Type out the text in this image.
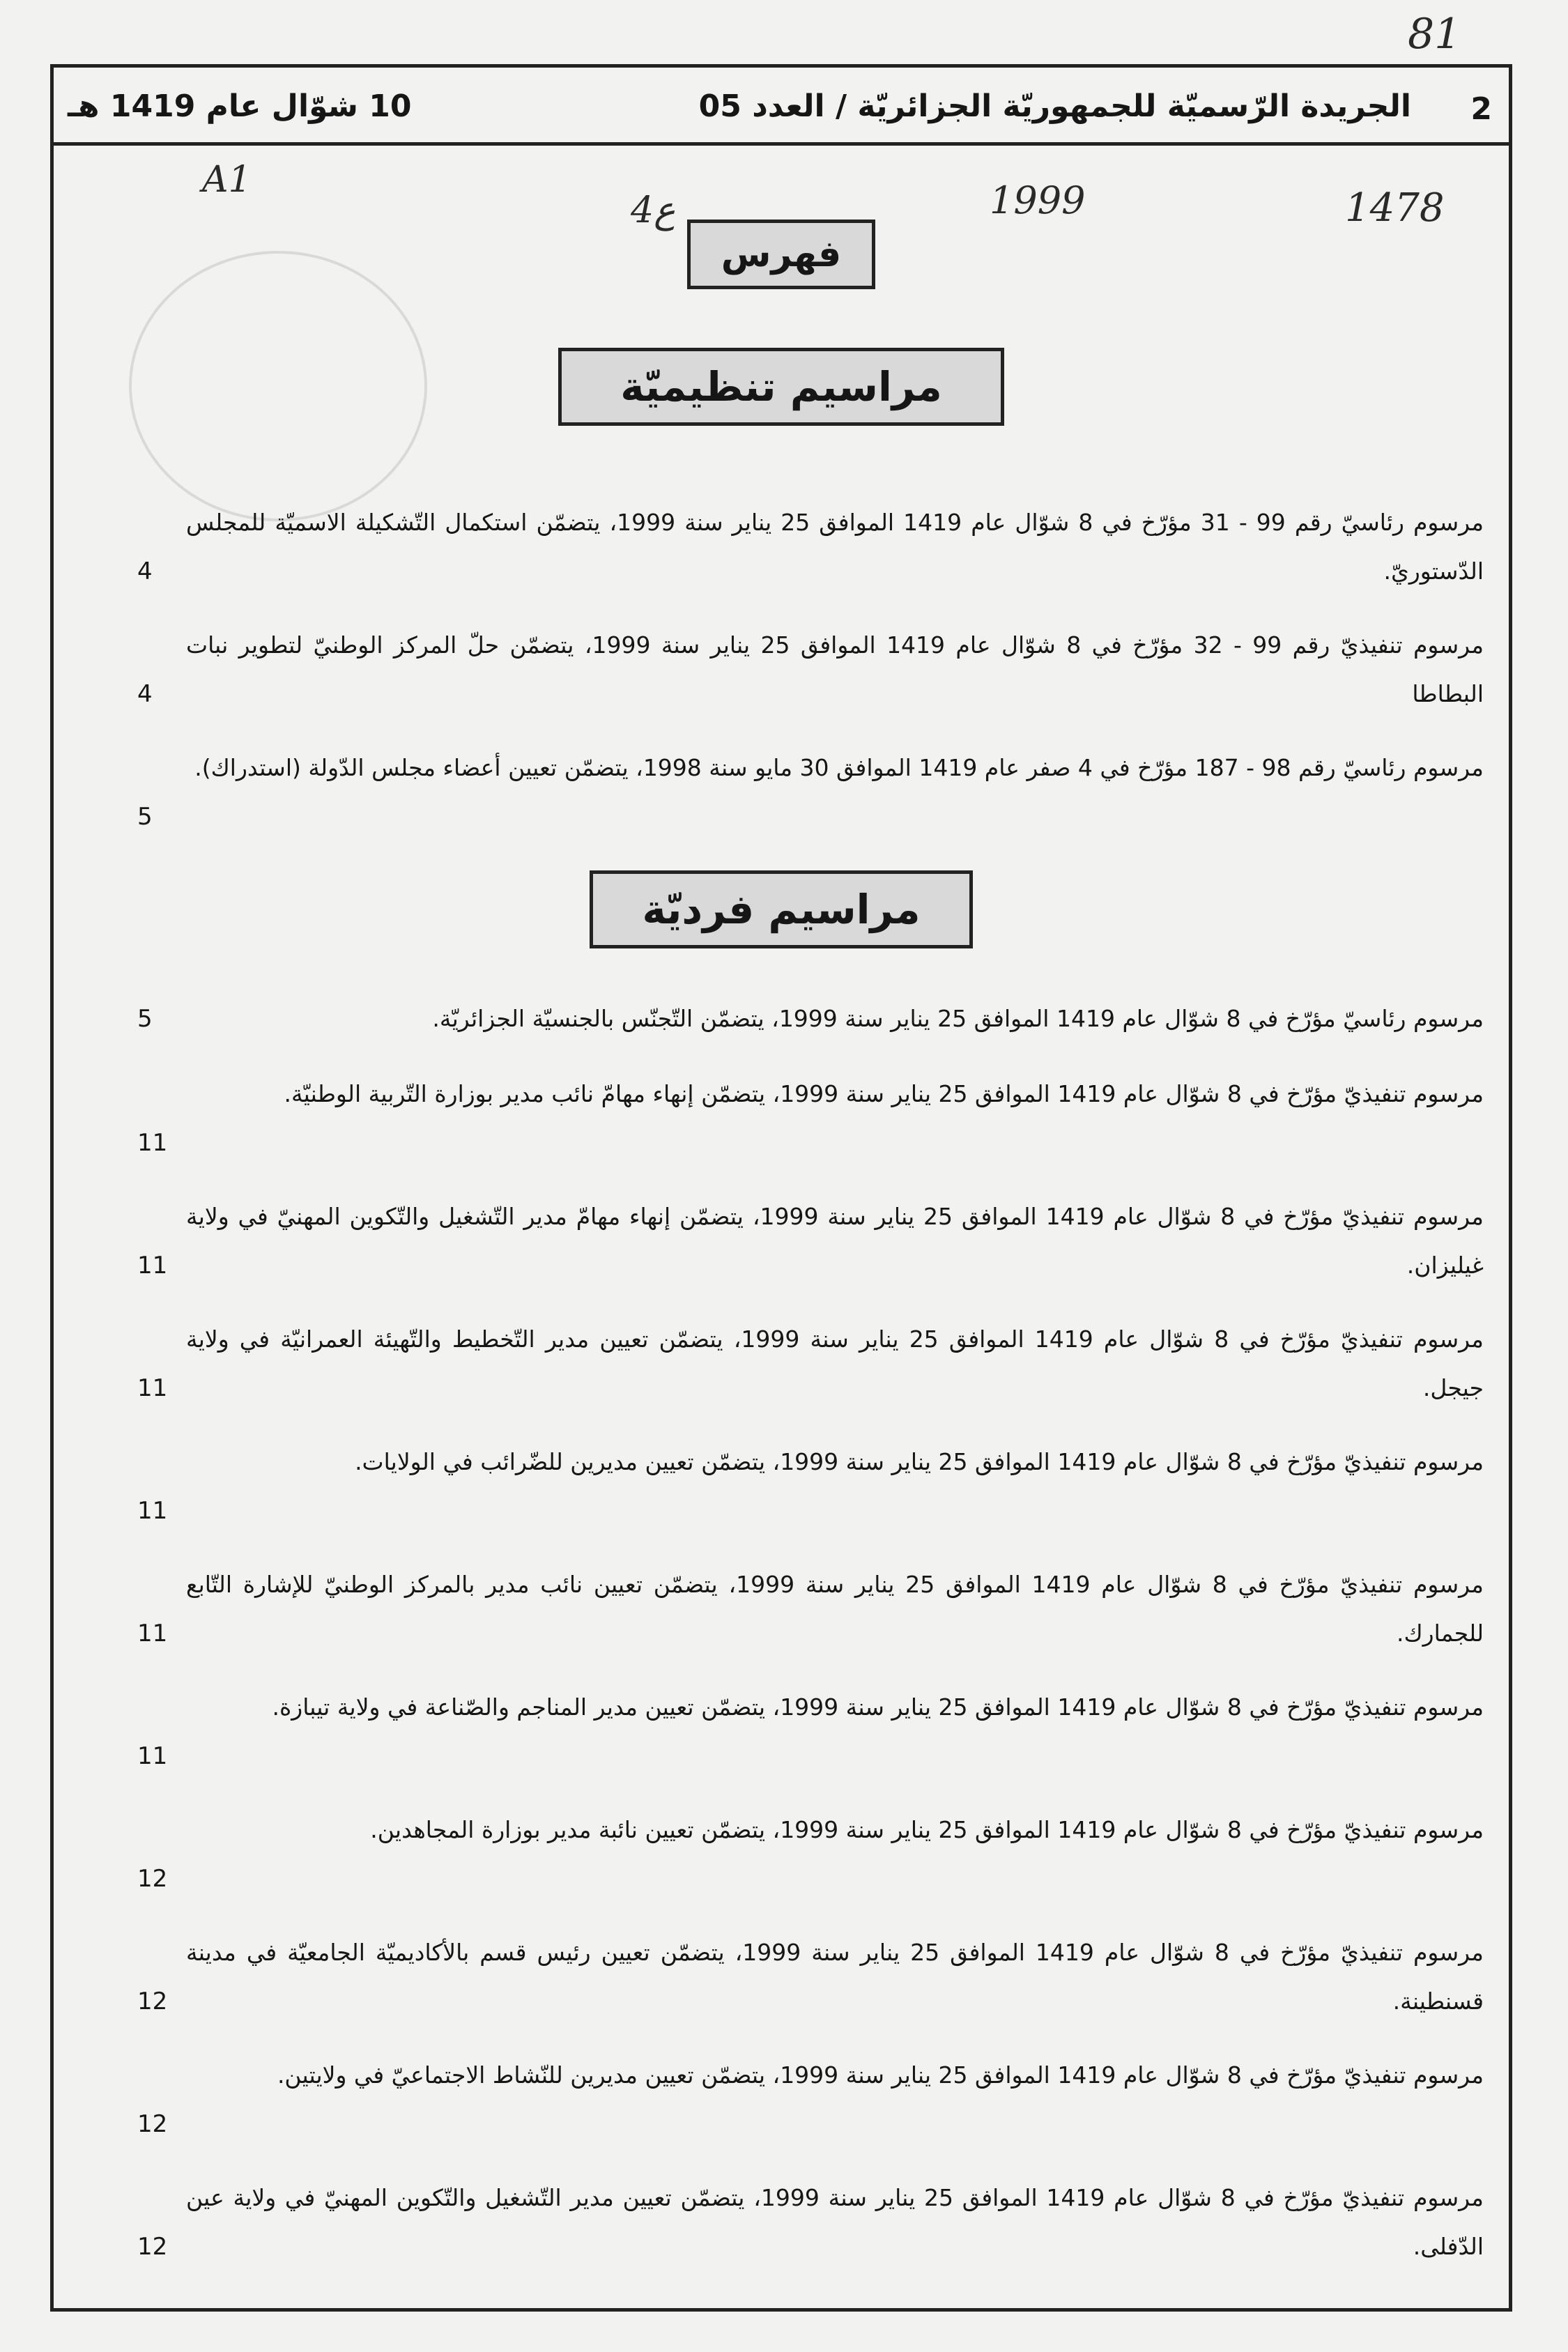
81
A1
4ع	1999	1478
2
الجريدة الرّسميّة للجمهوريّة الجزائريّة / العدد 05
10 شوّال عام 1419 هـ
فهرس
مراسيم تنظيميّة
مرسوم رئاسيّ رقم 99 - 31 مؤرّخ في 8 شوّال عام 1419 الموافق 25 يناير سنة 1999، يتضمّن استكمال التّشكيلة الاسميّة للمجلس الدّستوريّ.
4
مرسوم تنفيذيّ رقم 99 - 32 مؤرّخ في 8 شوّال عام 1419 الموافق 25 يناير سنة 1999، يتضمّن حلّ المركز الوطنيّ لتطوير نبات البطاطا
4
مرسوم رئاسيّ رقم 98 - 187 مؤرّخ في 4 صفر عام 1419 الموافق 30 مايو سنة 1998، يتضمّن تعيين أعضاء مجلس الدّولة (استدراك).
5
مراسيم فرديّة
مرسوم رئاسيّ مؤرّخ في 8 شوّال عام 1419 الموافق 25 يناير سنة 1999، يتضمّن التّجنّس بالجنسيّة الجزائريّة.
5
مرسوم تنفيذيّ مؤرّخ في 8 شوّال عام 1419 الموافق 25 يناير سنة 1999، يتضمّن إنهاء مهامّ نائب مدير بوزارة التّربية الوطنيّة.
11
مرسوم تنفيذيّ مؤرّخ في 8 شوّال عام 1419 الموافق 25 يناير سنة 1999، يتضمّن إنهاء مهامّ مدير التّشغيل والتّكوين المهنيّ في ولاية غيليزان.
11
مرسوم تنفيذيّ مؤرّخ في 8 شوّال عام 1419 الموافق 25 يناير سنة 1999، يتضمّن تعيين مدير التّخطيط والتّهيئة العمرانيّة في ولاية جيجل.
11
مرسوم تنفيذيّ مؤرّخ في 8 شوّال عام 1419 الموافق 25 يناير سنة 1999، يتضمّن تعيين مديرين للضّرائب في الولايات.
11
مرسوم تنفيذيّ مؤرّخ في 8 شوّال عام 1419 الموافق 25 يناير سنة 1999، يتضمّن تعيين نائب مدير بالمركز الوطنيّ للإشارة التّابع للجمارك.
11
مرسوم تنفيذيّ مؤرّخ في 8 شوّال عام 1419 الموافق 25 يناير سنة 1999، يتضمّن تعيين مدير المناجم والصّناعة في ولاية تيبازة.
11
مرسوم تنفيذيّ مؤرّخ في 8 شوّال عام 1419 الموافق 25 يناير سنة 1999، يتضمّن تعيين نائبة مدير بوزارة المجاهدين.
12
مرسوم تنفيذيّ مؤرّخ في 8 شوّال عام 1419 الموافق 25 يناير سنة 1999، يتضمّن تعيين رئيس قسم بالأكاديميّة الجامعيّة في مدينة قسنطينة.
12
مرسوم تنفيذيّ مؤرّخ في 8 شوّال عام 1419 الموافق 25 يناير سنة 1999، يتضمّن تعيين مديرين للنّشاط الاجتماعيّ في ولايتين.
12
مرسوم تنفيذيّ مؤرّخ في 8 شوّال عام 1419 الموافق 25 يناير سنة 1999، يتضمّن تعيين مدير التّشغيل والتّكوين المهنيّ في ولاية عين الدّفلى.
12
